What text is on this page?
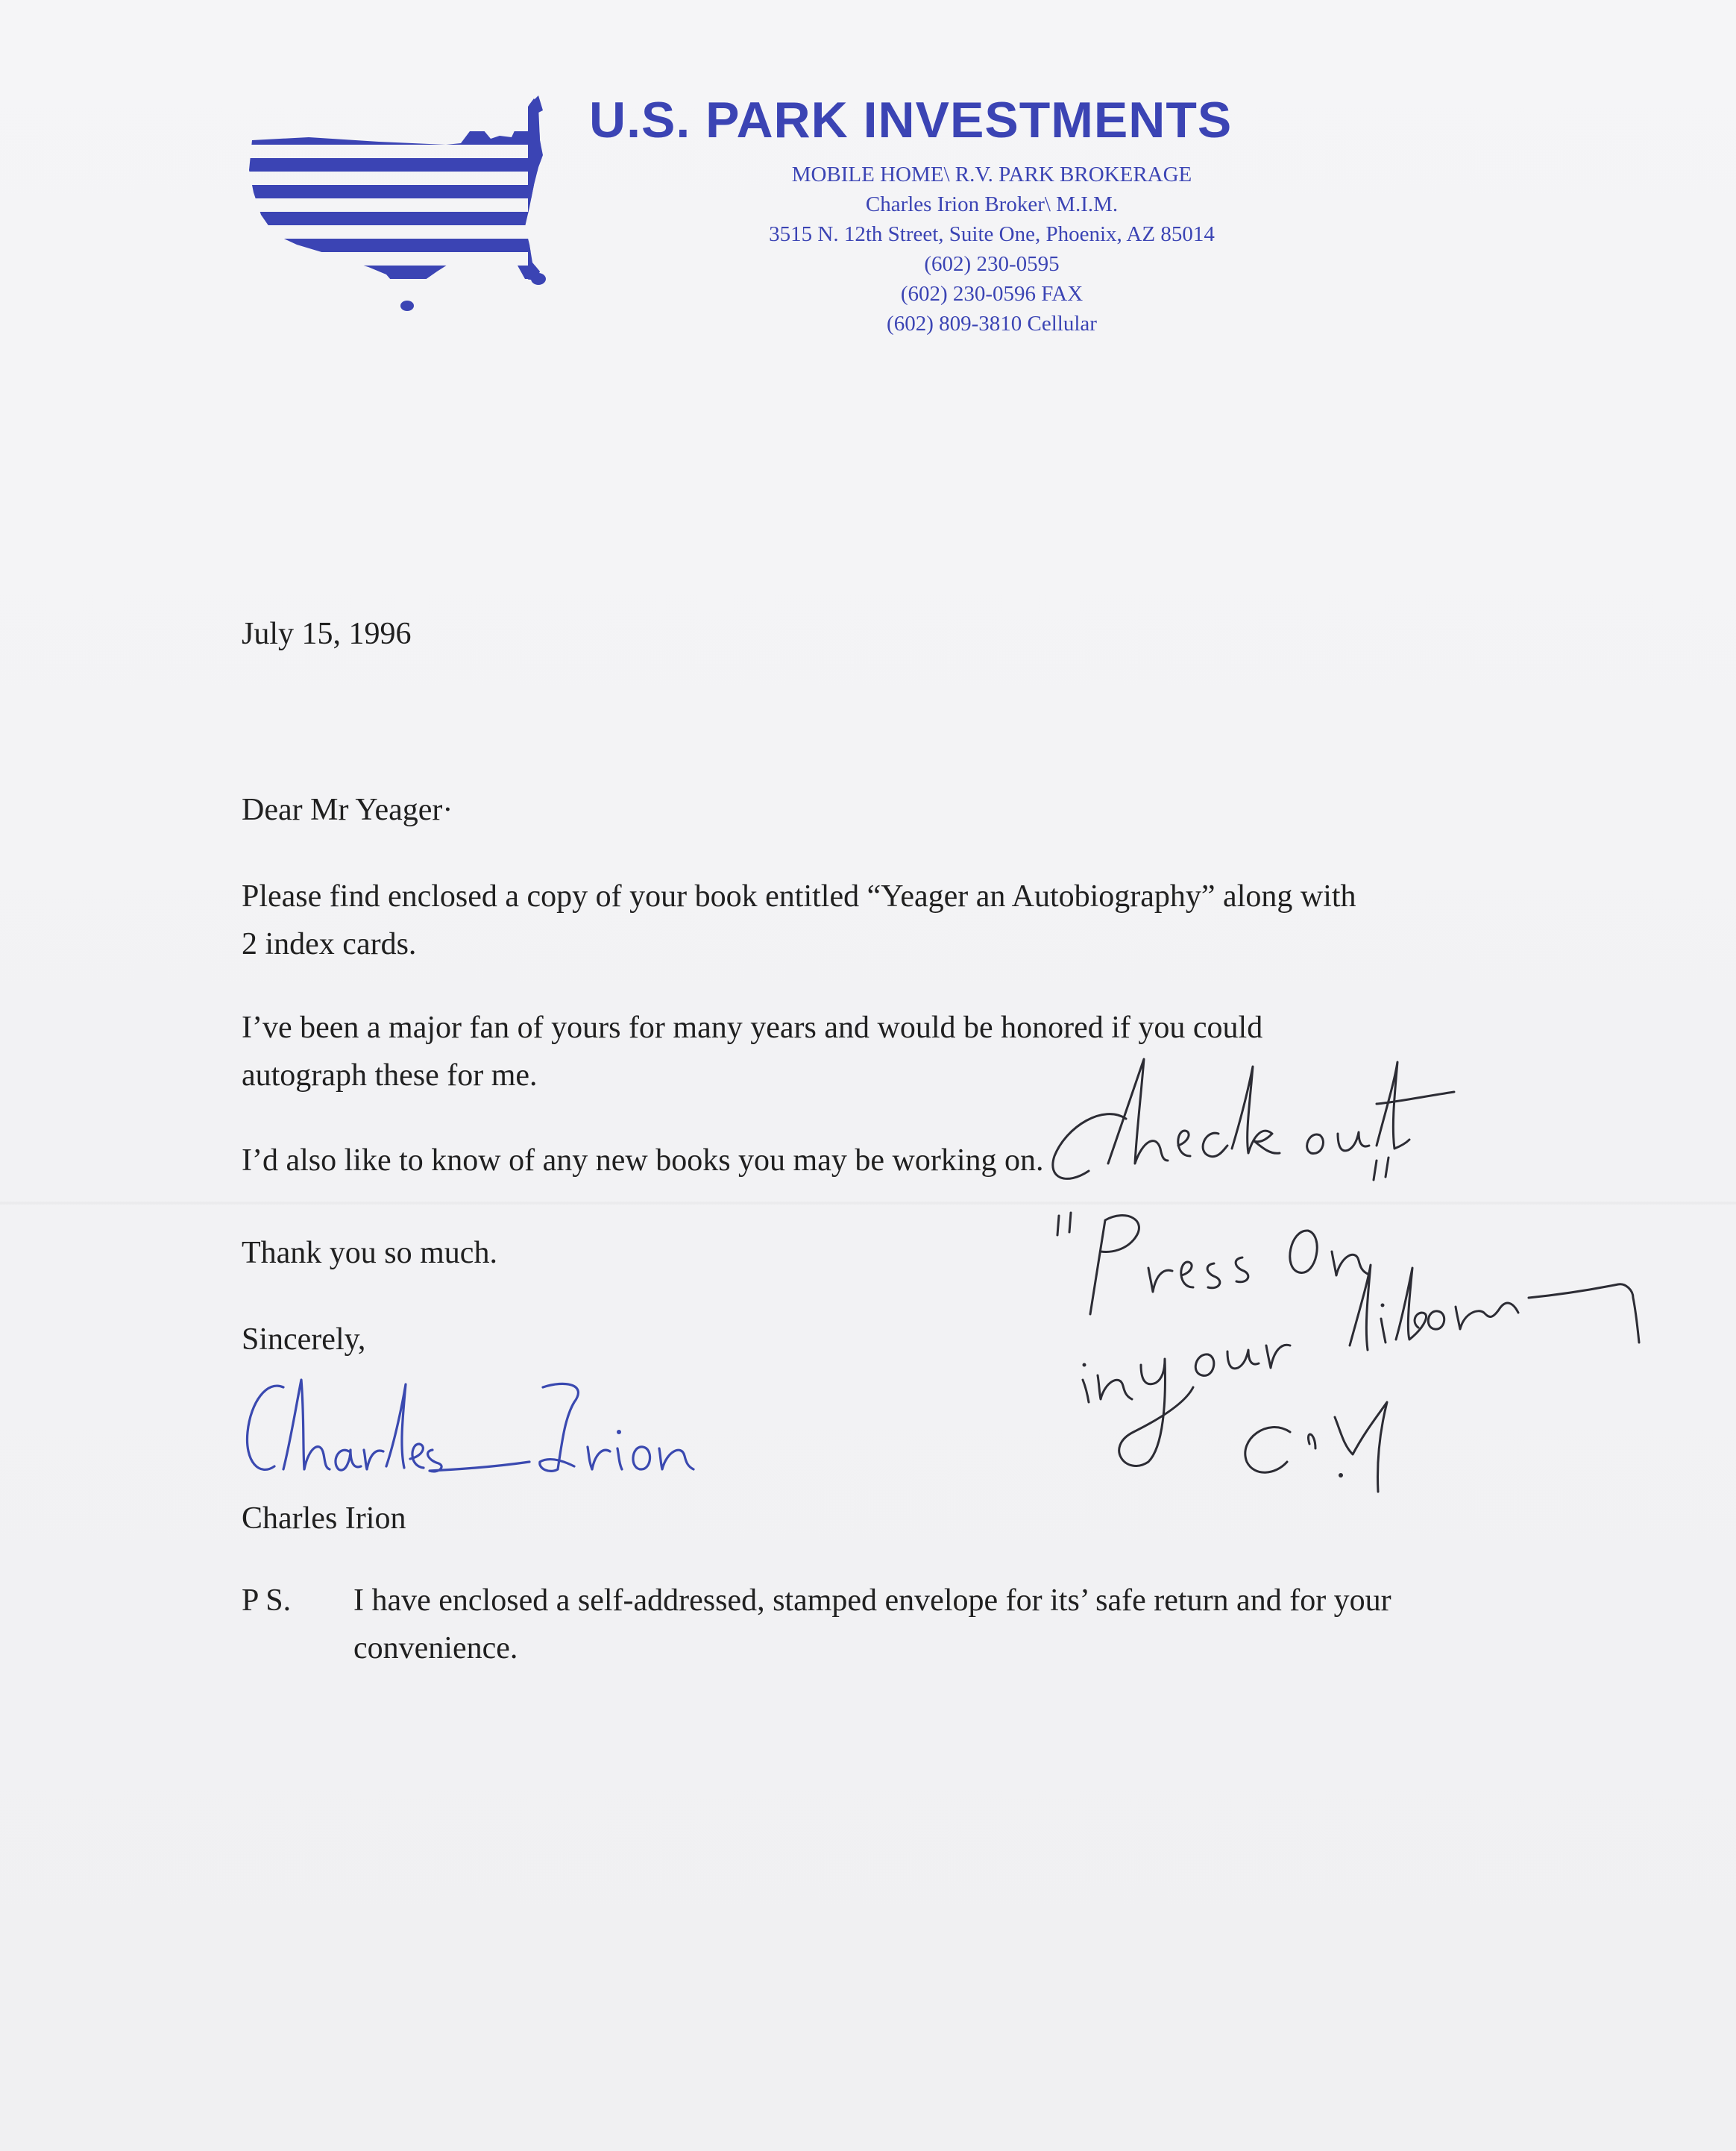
U.S. PARK INVESTMENTS
MOBILE HOME\ R.V. PARK BROKERAGE
Charles Irion Broker\ M.I.M.
3515 N. 12th Street, Suite One, Phoenix, AZ 85014
(602) 230-0595
(602) 230-0596 FAX
(602) 809-3810 Cellular
July 15, 1996
Dear Mr Yeager·
Please find enclosed a copy of your book entitled “Yeager an Autobiography” along with
2 index cards.
I’ve been a major fan of yours for many years and would be honored if you could
autograph these for me.
I’d also like to know of any new books you may be working on.
Thank you so much.
Sincerely,
Charles Irion
P S. I have enclosed a self-addressed, stamped envelope for its’ safe return and for your
convenience.
